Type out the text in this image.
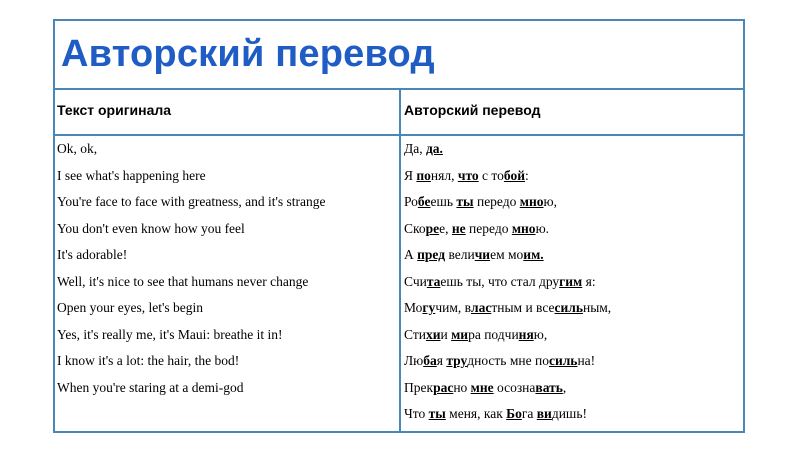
Авторский перевод
Текст оригинала	Авторский перевод
Ok, ok,
I see what's happening here
You're face to face with greatness, and it's strange
You don't even know how you feel
It's adorable!
Well, it's nice to see that humans never change
Open your eyes, let's begin
Yes, it's really me, it's Maui: breathe it in!
I know it's a lot: the hair, the bod!
When you're staring at a demi-god
Да, да.
Я понял, что с тобой:
Робеешь ты передо мною,
Скорее, не передо мною.
А пред величием моим.
Считаешь ты, что стал другим я:
Могучим, властным и всесильным,
Стихии мира подчиняю,
Любая трудность мне посильна!
Прекрасно мне осознавать,
Что ты меня, как Бога видишь!
